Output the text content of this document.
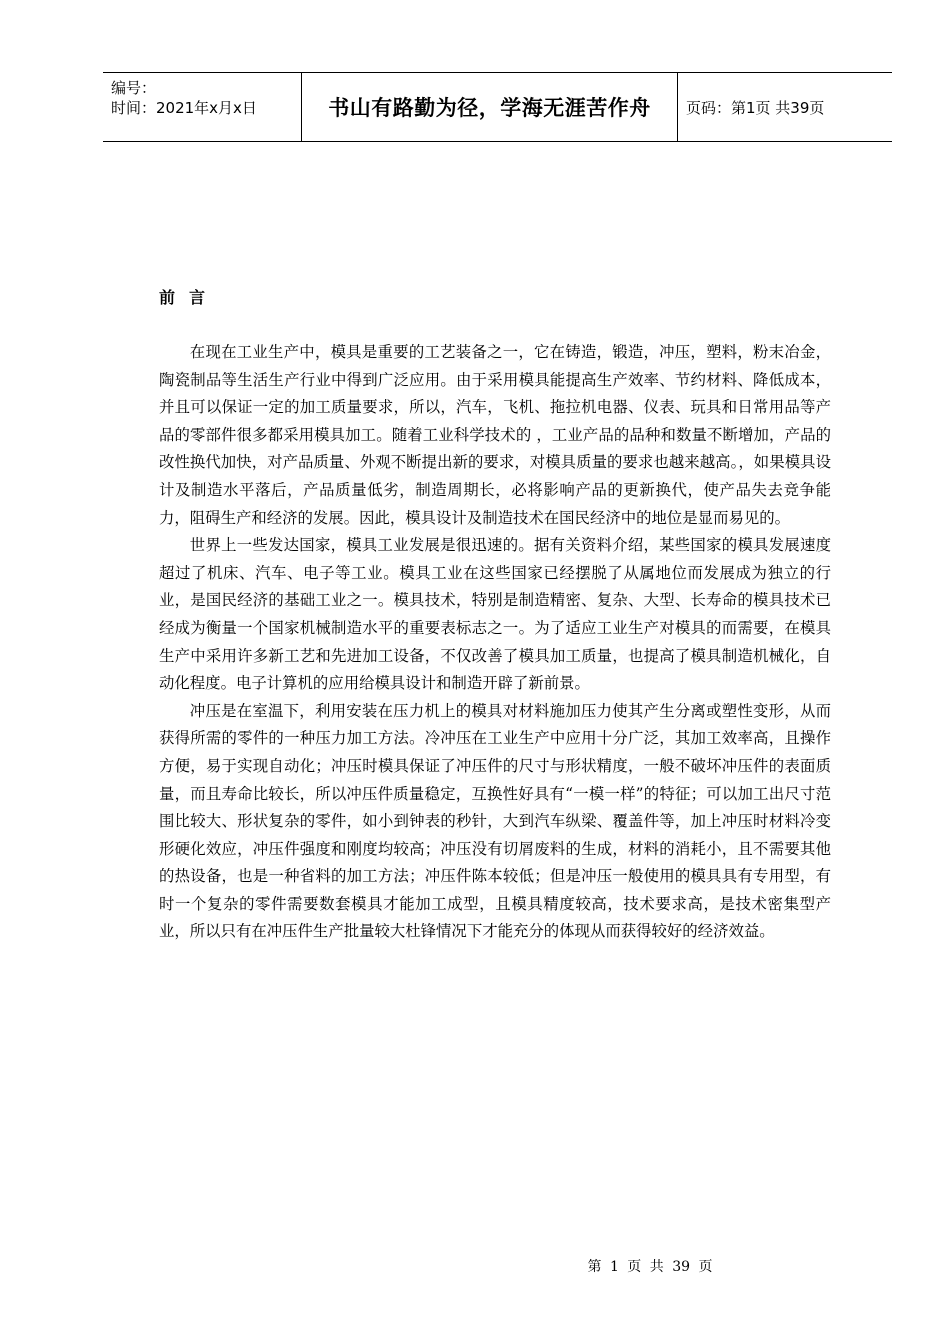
编号：
时间：2021年x月x日	书山有路勤为径，学海无涯苦作舟	页码：第1页 共39页
前言

在现在工业生产中，模具是重要的工艺装备之一，它在铸造，锻造，冲压，塑料，粉末冶金，陶瓷制品等生活生产行业中得到广泛应用。由于采用模具能提高生产效率、节约材料、降低成本，并且可以保证一定的加工质量要求，所以，汽车，飞机、拖拉机电器、仪表、玩具和日常用品等产品的零部件很多都采用模具加工。随着工业科学技术的 ，工业产品的品种和数量不断增加，产品的改性换代加快，对产品质量、外观不断提出新的要求，对模具质量的要求也越来越高。，如果模具设计及制造水平落后，产品质量低劣，制造周期长，必将影响产品的更新换代，使产品失去竞争能力，阻碍生产和经济的发展。因此，模具设计及制造技术在国民经济中的地位是显而易见的。

世界上一些发达国家，模具工业发展是很迅速的。据有关资料介绍，某些国家的模具发展速度超过了机床、汽车、电子等工业。模具工业在这些国家已经摆脱了从属地位而发展成为独立的行业，是国民经济的基础工业之一。模具技术，特别是制造精密、复杂、大型、长寿命的模具技术已经成为衡量一个国家机械制造水平的重要表标志之一。为了适应工业生产对模具的而需要，在模具生产中采用许多新工艺和先进加工设备，不仅改善了模具加工质量，也提高了模具制造机械化，自动化程度。电子计算机的应用给模具设计和制造开辟了新前景。

冲压是在室温下，利用安装在压力机上的模具对材料施加压力使其产生分离或塑性变形，从而获得所需的零件的一种压力加工方法。冷冲压在工业生产中应用十分广泛，其加工效率高，且操作方便，易于实现自动化；冲压时模具保证了冲压件的尺寸与形状精度，一般不破坏冲压件的表面质量，而且寿命比较长，所以冲压件质量稳定，互换性好具有“一模一样”的特征；可以加工出尺寸范围比较大、形状复杂的零件，如小到钟表的秒针，大到汽车纵梁、覆盖件等，加上冲压时材料冷变形硬化效应，冲压件强度和刚度均较高；冲压没有切屑废料的生成，材料的消耗小，且不需要其他的热设备，也是一种省料的加工方法；冲压件陈本较低；但是冲压一般使用的模具具有专用型，有时一个复杂的零件需要数套模具才能加工成型，且模具精度较高，技术要求高，是技术密集型产业，所以只有在冲压件生产批量较大杜锋情况下才能充分的体现从而获得较好的经济效益。

第 1 页 共 39 页
